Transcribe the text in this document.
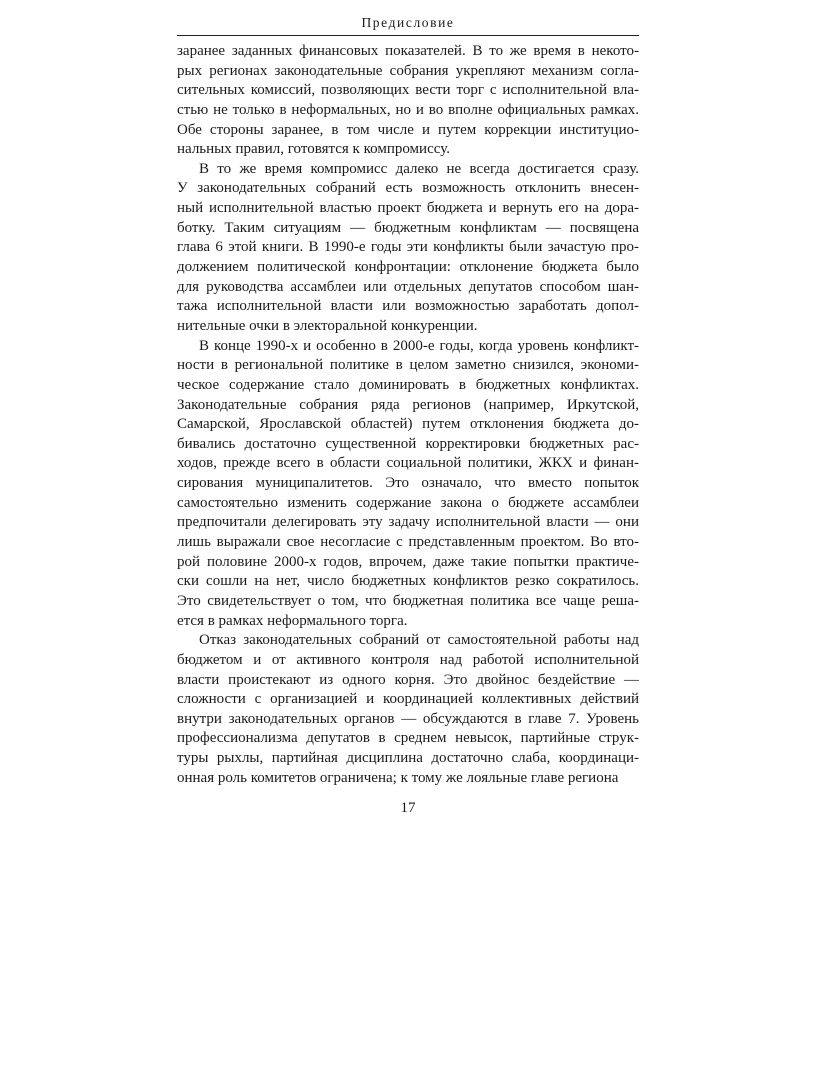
Предисловие

заранее заданных финансовых показателей. В то же время в некото-
рых регионах законодательные собрания укрепляют механизм согла-
сительных комиссий, позволяющих вести торг с исполнительной вла-
стью не только в неформальных, но и во вполне официальных рамках.
Обе стороны заранее, в том числе и путем коррекции институцио-
нальных правил, готовятся к компромиссу.

В то же время компромисс далеко не всегда достигается сразу.
У законодательных собраний есть возможность отклонить внесен-
ный исполнительной властью проект бюджета и вернуть его на дора-
ботку. Таким ситуациям — бюджетным конфликтам — посвящена
глава 6 этой книги. В 1990-е годы эти конфликты были зачастую про-
должением политической конфронтации: отклонение бюджета было
для руководства ассамблеи или отдельных депутатов способом шан-
тажа исполнительной власти или возможностью заработать допол-
нительные очки в электоральной конкуренции.

В конце 1990-х и особенно в 2000-е годы, когда уровень конфликт-
ности в региональной политике в целом заметно снизился, экономи-
ческое содержание стало доминировать в бюджетных конфликтах.
Законодательные собрания ряда регионов (например, Иркутской,
Самарской, Ярославской областей) путем отклонения бюджета до-
бивались достаточно существенной корректировки бюджетных рас-
ходов, прежде всего в области социальной политики, ЖКХ и финан-
сирования муниципалитетов. Это означало, что вместо попыток
самостоятельно изменить содержание закона о бюджете ассамблеи
предпочитали делегировать эту задачу исполнительной власти — они
лишь выражали свое несогласие с представленным проектом. Во вто-
рой половине 2000-х годов, впрочем, даже такие попытки практиче-
ски сошли на нет, число бюджетных конфликтов резко сократилось.
Это свидетельствует о том, что бюджетная политика все чаще реша-
ется в рамках неформального торга.

Отказ законодательных собраний от самостоятельной работы над
бюджетом и от активного контроля над работой исполнительной
власти проистекают из одного корня. Это двойнос бездействие —
сложности с организацией и координацией коллективных действий
внутри законодательных органов — обсуждаются в главе 7. Уровень
профессионализма депутатов в среднем невысок, партийные струк-
туры рыхлы, партийная дисциплина достаточно слаба, координаци-
онная роль комитетов ограничена; к тому же лояльные главе региона

17
